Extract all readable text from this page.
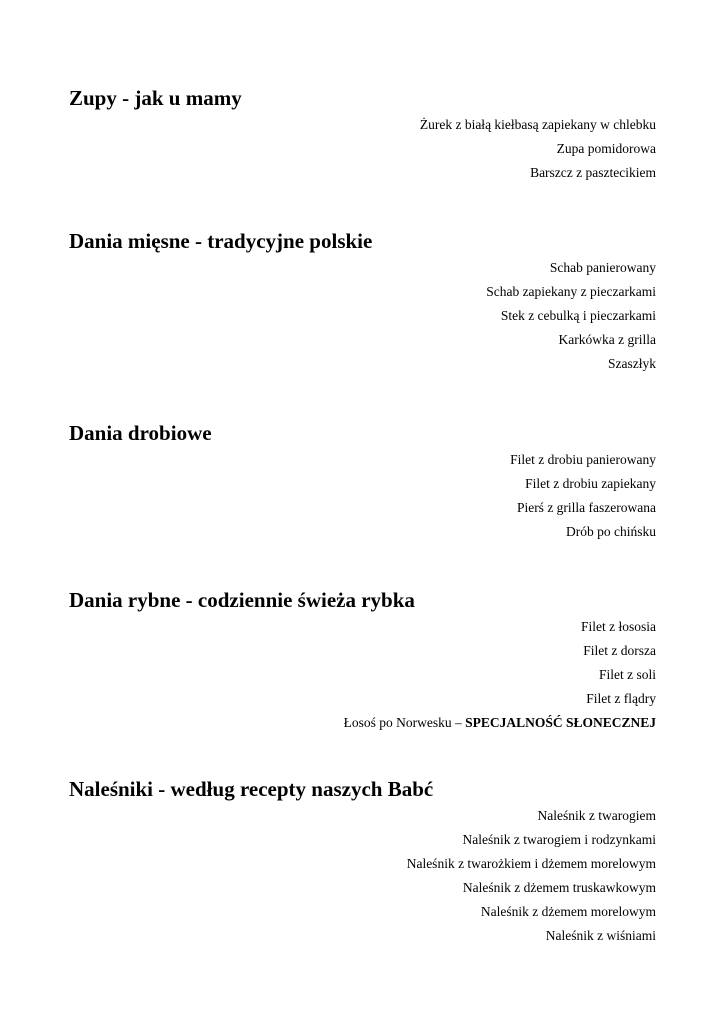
Zupy - jak u mamy
Żurek z białą kiełbasą zapiekany w chlebku
Zupa pomidorowa
Barszcz z pasztecikiem
Dania mięsne - tradycyjne polskie
Schab panierowany
Schab zapiekany z pieczarkami
Stek z cebulką i pieczarkami
Karkówka z grilla
Szaszłyk
Dania drobiowe
Filet z drobiu panierowany
Filet z drobiu zapiekany
Pierś z grilla faszerowana
Drób po chińsku
Dania rybne - codziennie świeża rybka
Filet z łososia
Filet z dorsza
Filet z soli
Filet z flądry
Łosoś po Norwesku – SPECJALNOŚĆ SŁONECZNEJ
Naleśniki - według recepty naszych Babć
Naleśnik z twarogiem
Naleśnik z twarogiem i rodzynkami
Naleśnik z twarożkiem i dżemem morelowym
Naleśnik z dżemem truskawkowym
Naleśnik z dżemem morelowym
Naleśnik z wiśniami
